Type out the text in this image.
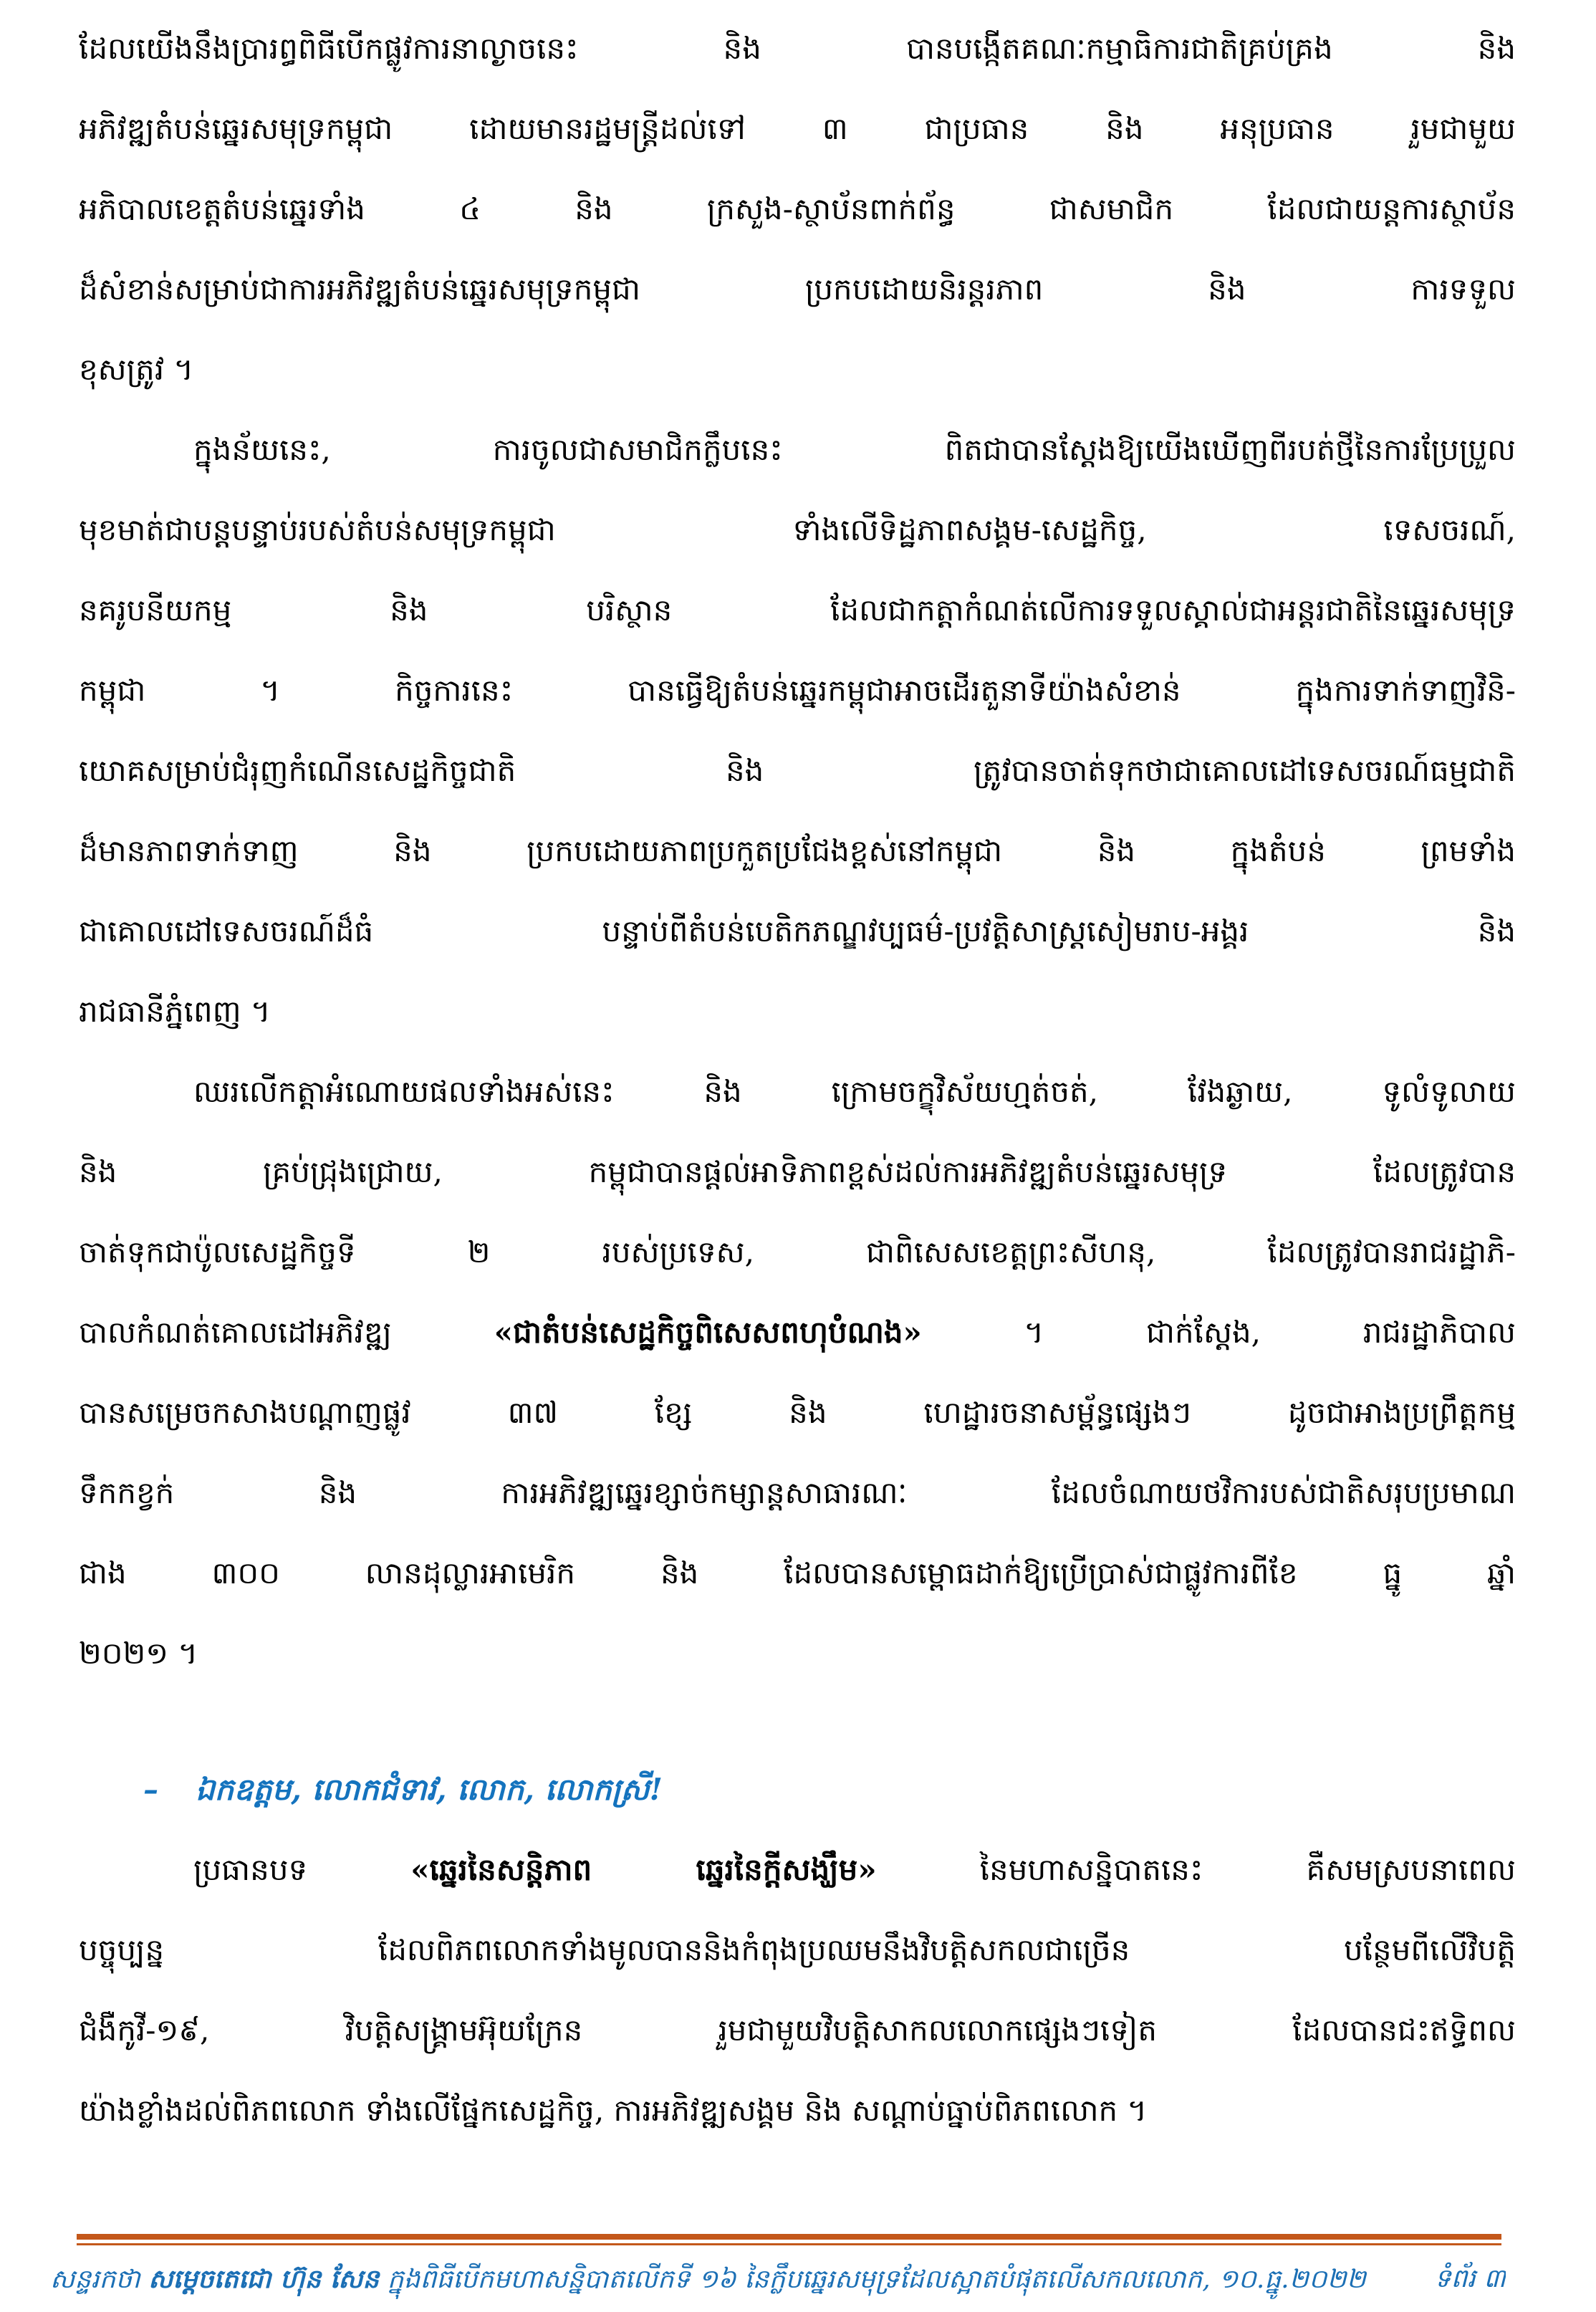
ដែលយើងនឹងប្រារព្ធពិធីបើកផ្លូវការនាល្ងាចនេះ និង បានបង្កើតគណៈកម្មាធិការជាតិគ្រប់គ្រង និង
អភិវឌ្ឍតំបន់ឆ្នេរសមុទ្រកម្ពុជា ដោយមានរដ្ឋមន្ត្រីដល់ទៅ ៣ ជាប្រធាន និង អនុប្រធាន រួមជាមួយ
អភិបាលខេត្តតំបន់ឆ្នេរទាំង ៤ និង ក្រសួង-ស្ថាប័នពាក់ព័ន្ធ ជាសមាជិក ដែលជាយន្តការស្ថាប័ន
ដ៏សំខាន់សម្រាប់ជាការអភិវឌ្ឍតំបន់ឆ្នេរសមុទ្រកម្ពុជា ប្រកបដោយនិរន្តរភាព និង ការទទួល
ខុសត្រូវ ។
ក្នុងន័យនេះ, ការចូលជាសមាជិកក្លឹបនេះ ពិតជាបានស្តែងឱ្យយើងឃើញពីរបត់ថ្មីនៃការប្រែប្រួល
មុខមាត់ជាបន្តបន្ទាប់របស់តំបន់សមុទ្រកម្ពុជា ទាំងលើទិដ្ឋភាពសង្គម-សេដ្ឋកិច្ច, ទេសចរណ៍,
នគរូបនីយកម្ម និង បរិស្ថាន ដែលជាកត្តាកំណត់លើការទទួលស្គាល់ជាអន្តរជាតិនៃឆ្នេរសមុទ្រ
កម្ពុជា ។ កិច្ចការនេះ បានធ្វើឱ្យតំបន់ឆ្នេរកម្ពុជាអាចដើរតួនាទីយ៉ាងសំខាន់ ក្នុងការទាក់ទាញវិនិ-
យោគសម្រាប់ជំរុញកំណើនសេដ្ឋកិច្ចជាតិ និង ត្រូវបានចាត់ទុកថាជាគោលដៅទេសចរណ៍ធម្មជាតិ
ដ៏មានភាពទាក់ទាញ និង ប្រកបដោយភាពប្រកួតប្រជែងខ្ពស់នៅកម្ពុជា និង ក្នុងតំបន់ ព្រមទាំង
ជាគោលដៅទេសចរណ៍ដ៏ធំ បន្ទាប់ពីតំបន់បេតិកភណ្ឌវប្បធម៌-ប្រវត្តិសាស្ត្រសៀមរាប-អង្គរ និង
រាជធានីភ្នំពេញ ។
ឈរលើកត្តាអំណោយផលទាំងអស់នេះ និង ក្រោមចក្ខុវិស័យហ្មត់ចត់, វែងឆ្ងាយ, ទូលំទូលាយ
និង គ្រប់ជ្រុងជ្រោយ, កម្ពុជាបានផ្តល់អាទិភាពខ្ពស់ដល់ការអភិវឌ្ឍតំបន់ឆ្នេរសមុទ្រ ដែលត្រូវបាន
ចាត់ទុកជាប៉ូលសេដ្ឋកិច្ចទី ២ របស់ប្រទេស, ជាពិសេសខេត្តព្រះសីហនុ, ដែលត្រូវបានរាជរដ្ឋាភិ-
បាលកំណត់គោលដៅអភិវឌ្ឍ «ជាតំបន់សេដ្ឋកិច្ចពិសេសពហុបំណង» ។ ជាក់ស្តែង, រាជរដ្ឋាភិបាល
បានសម្រេចកសាងបណ្តាញផ្លូវ ៣៧ ខ្សែ និង ហេដ្ឋារចនាសម្ព័ន្ធផ្សេងៗ ដូចជាអាងប្រព្រឹត្តកម្ម
ទឹកកខ្វក់ និង ការអភិវឌ្ឍឆ្នេរខ្សាច់កម្សាន្តសាធារណៈ ដែលចំណាយថវិការបស់ជាតិសរុបប្រមាណ
ជាង ៣០០ លានដុល្លារអាមេរិក និង ដែលបានសម្ពោធដាក់ឱ្យប្រើប្រាស់ជាផ្លូវការពីខែ ធ្នូ ឆ្នាំ
២០២១ ។
– ឯកឧត្តម, លោកជំទាវ, លោក, លោកស្រី!
ប្រធានបទ «ឆ្នេរនៃសន្តិភាព ឆ្នេរនៃក្តីសង្ឃឹម» នៃមហាសន្និបាតនេះ គឺសមស្របនាពេល
បច្ចុប្បន្ន ដែលពិភពលោកទាំងមូលបាននិងកំពុងប្រឈមនឹងវិបត្តិសកលជាច្រើន បន្ថែមពីលើវិបត្តិ
ជំងឺកូវី-១៩, វិបត្តិសង្គ្រាមអ៊ុយក្រែន រួមជាមួយវិបត្តិសាកលលោកផ្សេងៗទៀត ដែលបានជះឥទ្ធិពល
យ៉ាងខ្លាំងដល់ពិភពលោក ទាំងលើផ្នែកសេដ្ឋកិច្ច, ការអភិវឌ្ឍសង្គម និង សណ្តាប់ធ្នាប់ពិភពលោក ។
សន្ទរកថា សម្តេចតេជោ ហ៊ុន សែន ក្នុងពិធីបើកមហាសន្និបាតលើកទី ១៦ នៃក្លឹបឆ្នេរសមុទ្រដែលស្អាតបំផុតលើសកលលោក, ១០.ធ្នូ.២០២២	ទំព័រ ៣
